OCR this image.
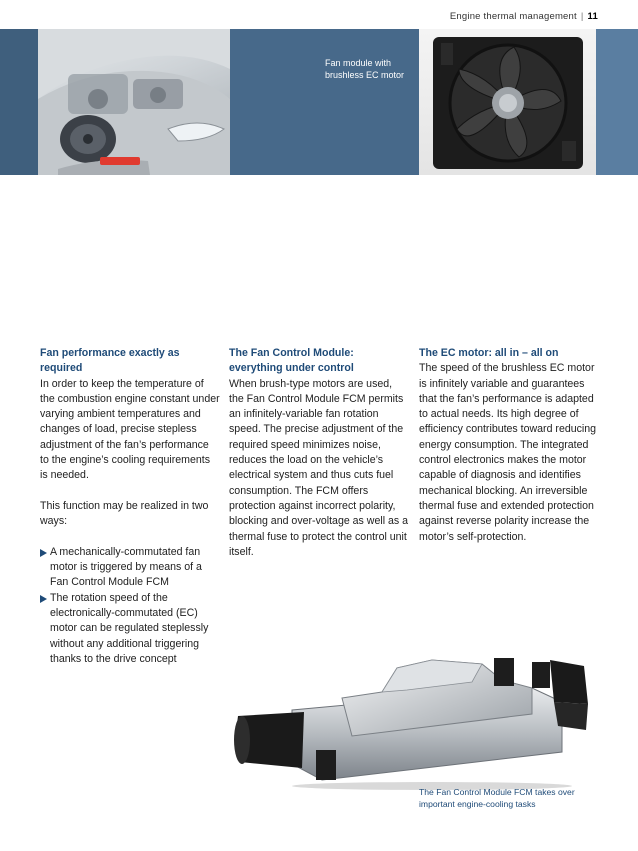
Engine thermal management | 11
Fan module with
brushless EC motor
Fan performance exactly as required

In order to keep the temperature of the combustion engine constant under varying ambient temperatures and changes of load, precise stepless adjustment of the fan’s performance to the engine’s cooling requirements is needed.

This function may be realized in two ways:

A mechanically-commutated fan motor is triggered by means of a Fan Control Module FCM
The rotation speed of the electronically-commutated (EC) motor can be regulated steplessly without any additional triggering thanks to the drive concept
The Fan Control Module:
everything under control

When brush-type motors are used, the Fan Control Module FCM permits an infinitely-variable fan rotation speed. The precise adjustment of the required speed minimizes noise, reduces the load on the vehicle’s electrical system and thus cuts fuel consumption. The FCM offers protection against incorrect polarity, blocking and over-voltage as well as a thermal fuse to protect the control unit itself.

The EC motor: all in – all on

The speed of the brushless EC motor is infinitely variable and guarantees that the fan’s performance is adapted to actual needs. Its high degree of efficiency contributes toward reducing energy consumption. The integrated control electronics makes the motor capable of diagnosis and identifies mechanical blocking. An irreversible thermal fuse and extended protection against reverse polarity increase the motor’s self-protection.

The Fan Control Module FCM takes over
important engine-cooling tasks
